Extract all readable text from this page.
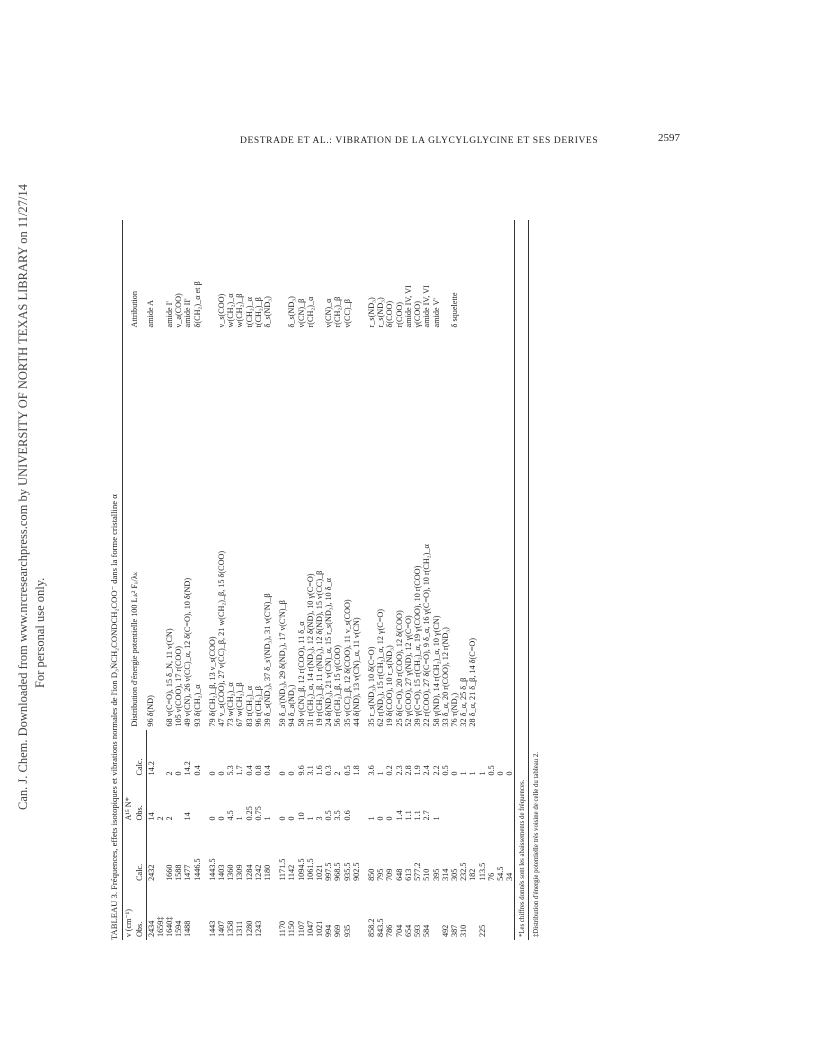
Can. J. Chem. Downloaded from www.nrcresearchpress.com by UNIVERSITY OF NORTH TEXAS LIBRARY on 11/27/14 For personal use only.
DESTRADE ET AL.: VIBRATION DE LA GLYCYLGLYCINE ET SES DERIVES	2597
TABLEAU 3. Fréquences, effets isotopiques et vibrations normales de l'ion D₃ṄCH₂CONDCH₂COO⁻ dans la forme cristalline αν (cm⁻¹)		A¹⁵ N*		Distribution d'énergie potentielle 100 Lᵢₖ² Fᵢᵢ/λₖ	Attribution
Obs.	Calc.	Obs.	Calc.		
2434	2432	14	14.2	96 δ(ND)	amide A
1659‡		2			
1640‡	1660	2	2	68 ν(C=O), 15 δ_N, 11 ν(CN)	amide I'
1594	1588		0	105 ν(COO), 17 r(COO)	ν_a(COO)
1488	1477	14	14.2	49 ν(CN), 26 ν(CC)_α, 12 δ(C=O), 10 δ(ND)	amide II'
	1446.5		0.4	93 δ(CH₂)_α	δ(CH₂)_α et β

1443	1443.5	0	0	79 δ(CH₂)_β, 13 ν_s(COO)	
1407	1403	0	0	47 ν_s(COO), 27 ν(CC)_β, 21 w(CH₂)_β, 15 δ(COO)	ν_s(COO)
1358	1360	4.5	5.3	73 w(CH₂)_α	w(CH₂)_α
1311	1309	1	1.7	67 w(CH₂)_β	w(CH₂)_β
1280	1284	0.25	0.4	83 t(CH₂)_α	t(CH₂)_α
1243	1242	0.75	0.8	96 t(CH₂)_β	t(CH₂)_β
	1180	1	0.4	39 δ_s(ND₃), 37 δ_s'(ND₃), 31 ν(C'N)_β	δ_s(ND₃)

1170	1171.5	0	0	59 δ_a'(ND₃), 29 δ(ND₃), 17 ν(C'N)_β	
1150	1142	0	0	94 δ_a(ND₃)	δ_s(ND₃)
1107	1094.5	10	9.6	58 ν(CN)_β, 12 r(COO), 11 δ_α	ν(CN)_β
1047	1061.5	1	3.1	31 r(CH₂)_α, 14 r(ND₃), 12 δ(ND), 10 γ(C=O)	r(CH₂)_α
1021	1021	3	1.6	19 r(CH₂)_β, 11 r(ND₃), 12 δ(ND), 15 ν(CC)_β	
994	997.5	0.5	0.3	24 δ(ND₃), 21 ν(CN)_α, 15 r_s(ND₃), 10 δ_α	ν(CN)_α
969	968.5	3.5	2	56 r(CH₂)_β, 15 γ(COO)	r(CH₂)_β
935	935.5	0.6	0.5	35 ν(CC)_β, 12 δ(COO), 11 ν_s(COO)	ν(CC)_β
	902.5		1.8	44 δ(ND), 13 ν(CN)_α, 11 ν(CN)	

858.2	850	1	3.6	35 r_s(ND₃), 10 δ(C=O)	r_s(ND₃)
843.5	795	0	1	62 r(ND₃), 15 r(CH₂)_α, 12 γ(C=O)	r_s(ND₃)
786	709	0	0.2	19 δ(COO), 10 r_s(ND₃)	δ(COO)
704	648	1.4	2.3	25 δ(C=O), 20 r(COO), 12 δ(COO)	r(COO)
654	613	1.1	2.8	52 γ(COO), 27 γ(ND), 12 γ(C=O)	amide IV, VI
593	577.2	1.1	1.9	39 γ(C=O), 15 r(CH₂)_α, 19 γ(COO), 10 r(COO)	γ(COO)
584	510	2.7	2.4	22 r(COO), 27 δ(C=O), 9 δ_α, 16 γ(C=O), 10 r(CH₂)_α	amide IV, VI
	395	1	2.2	58 γ(ND), 14 r(CH₂)_α, 10 γ(CN)	amide V'
492	314		0.5	33 δ_α, 20 r(COO), 12 r(ND₃)	
387	305		0	76 τ(ND₃)	δ squelette
310	232.5		1	32 δ_α, 25 δ_β	
	182		1	28 δ_α, 21 δ_β, 14 δ(C=O)	
225	113.5		1		
	76		0.5		
	54.5		0		
	34		0		
*Les chiffres donnés sont les abaissements de fréquences.					
‡Distribution d'énergie potentielle très voisine de celle du tableau 2.					
